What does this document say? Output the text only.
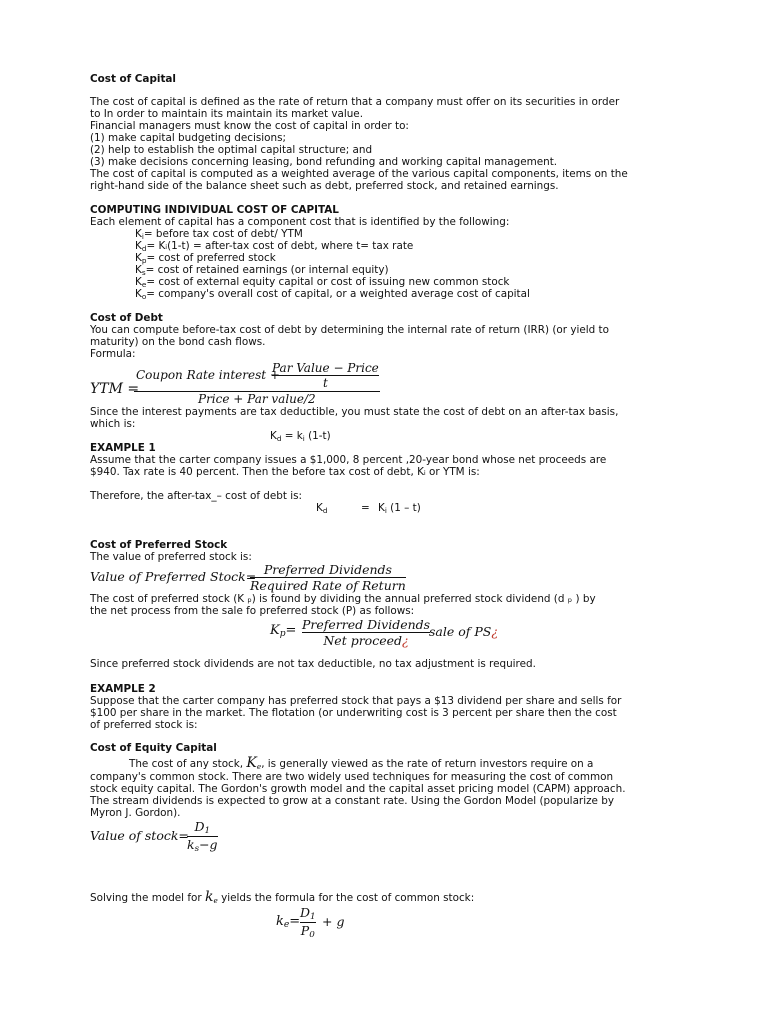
Cost of Capital
The cost of capital is defined as the rate of return that a company must offer on its securities in order
to In order to maintain its maintain its market value.
Financial managers must know the cost of capital in order to:
(1) make capital budgeting decisions;
(2) help to establish the optimal capital structure; and
(3) make decisions concerning leasing, bond refunding and working capital management.
The cost of capital is computed as a weighted average of the various capital components, items on the
right-hand side of the balance sheet such as debt, preferred stock, and retained earnings.
COMPUTING INDIVIDUAL COST OF CAPITAL
Each element of capital has a component cost that is identified by the following:
$K_i=$ before tax cost of debt/ YTM
$K_d=$ Kᵢ(1-t) = after-tax cost of debt, where t= tax rate
$K_p= \cos t$ of preferred stock
$K_s= \cos t$ of retained earnings (or internal equity)
$K_e= \cos t$ of external equity capital or cost of issuing new common stock
$K_o=$ company's overall cost of capital, or a weighted average cost of capital
Cost of Debt
You can compute before-tax cost of debt by determining the internal rate of return (IRR) (or yield to
maturity) on the bond cash flows.
Formula:
YTM =
Coupon Rate interest +
Par Value − Price
t
Price + Par value/2
Since the interest payments are tax deductible, you must state the cost of debt on an after-tax basis,
which is:
$K_d = k_i$ (1-t)
EXAMPLE 1
Assume that the carter company issues a $1,000, 8 percent ,20-year bond whose net proceeds are
$940. Tax rate is 40 percent. Then the before tax cost of debt, Kᵢ or YTM is:
Therefore, the after-tax_– cost of debt is:
$K_d$	= $K_i$ (1 – t)
Cost of Preferred Stock
The value of preferred stock is:
Value of Preferred Stock= Preferred Dividends
Required Rate of Return
The cost of preferred stock (K ₚ) is found by dividing the annual preferred stock dividend (d ₚ ) by
the net process from the sale fo preferred stock (P) as follows:
$K_p=$ Preferred Dividends
Net proceed¿
sale of PS¿
Since preferred stock dividends are not tax deductible, no tax adjustment is required.
EXAMPLE 2
Suppose that the carter company has preferred stock that pays a $13 dividend per share and sells for
$100 per share in the market. The flotation (or underwriting cost is 3 percent per share then the cost
of preferred stock is:
Cost of Equity Capital
The cost of any stock, $K_e$, is generally viewed as the rate of return investors require on a
company's common stock. There are two widely used techniques for measuring the cost of common
stock equity capital. The Gordon's growth model and the capital asset pricing model (CAPM) approach.
The stream dividends is expected to grow at a constant rate. Using the Gordon Model (popularize by
Myron J. Gordon).
Value of stock=
$D_1$
$k_s-g$
Solving the model for $k_e$ yields the formula for the cost of common stock:
$k_e=$
$D_1$
$P_0$
+ g
